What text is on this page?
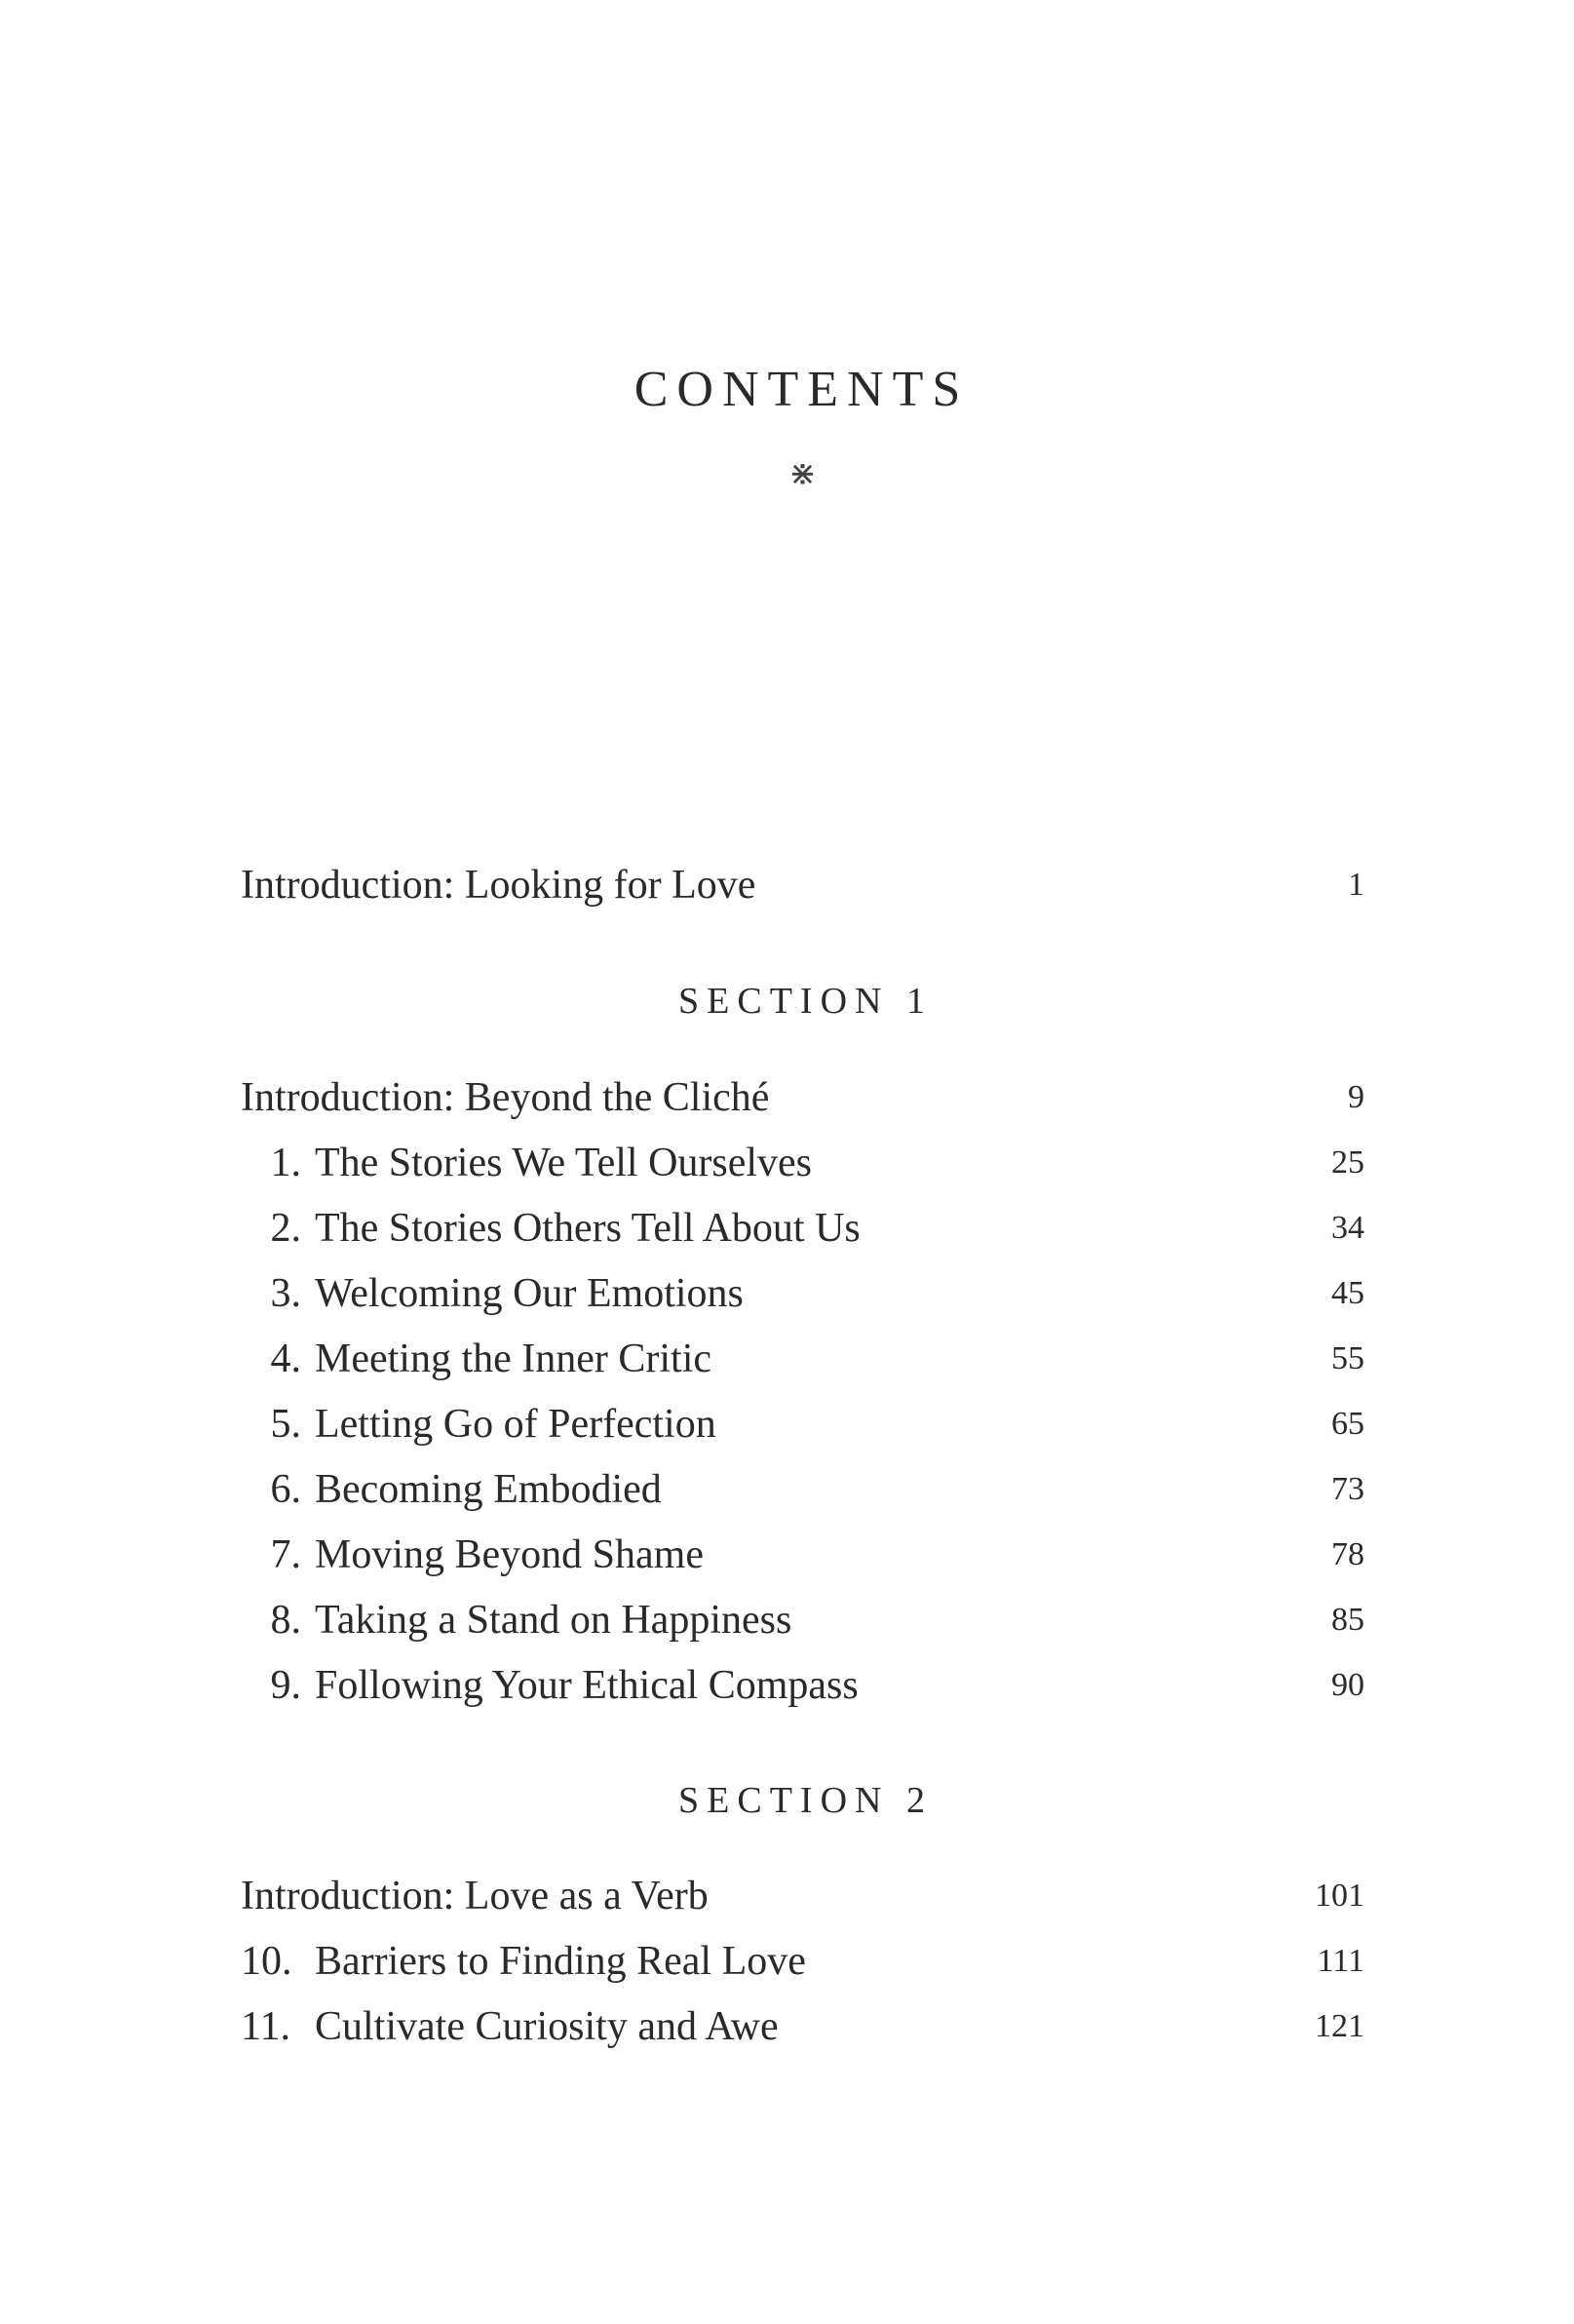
CONTENTS
⋇
Introduction: Looking for Love	1
SECTION 1
Introduction: Beyond the Cliché	9
1. The Stories We Tell Ourselves	25
2. The Stories Others Tell About Us	34
3. Welcoming Our Emotions	45
4. Meeting the Inner Critic	55
5. Letting Go of Perfection	65
6. Becoming Embodied	73
7. Moving Beyond Shame	78
8. Taking a Stand on Happiness	85
9. Following Your Ethical Compass	90
SECTION 2
Introduction: Love as a Verb	101
10. Barriers to Finding Real Love	111
11. Cultivate Curiosity and Awe	121
